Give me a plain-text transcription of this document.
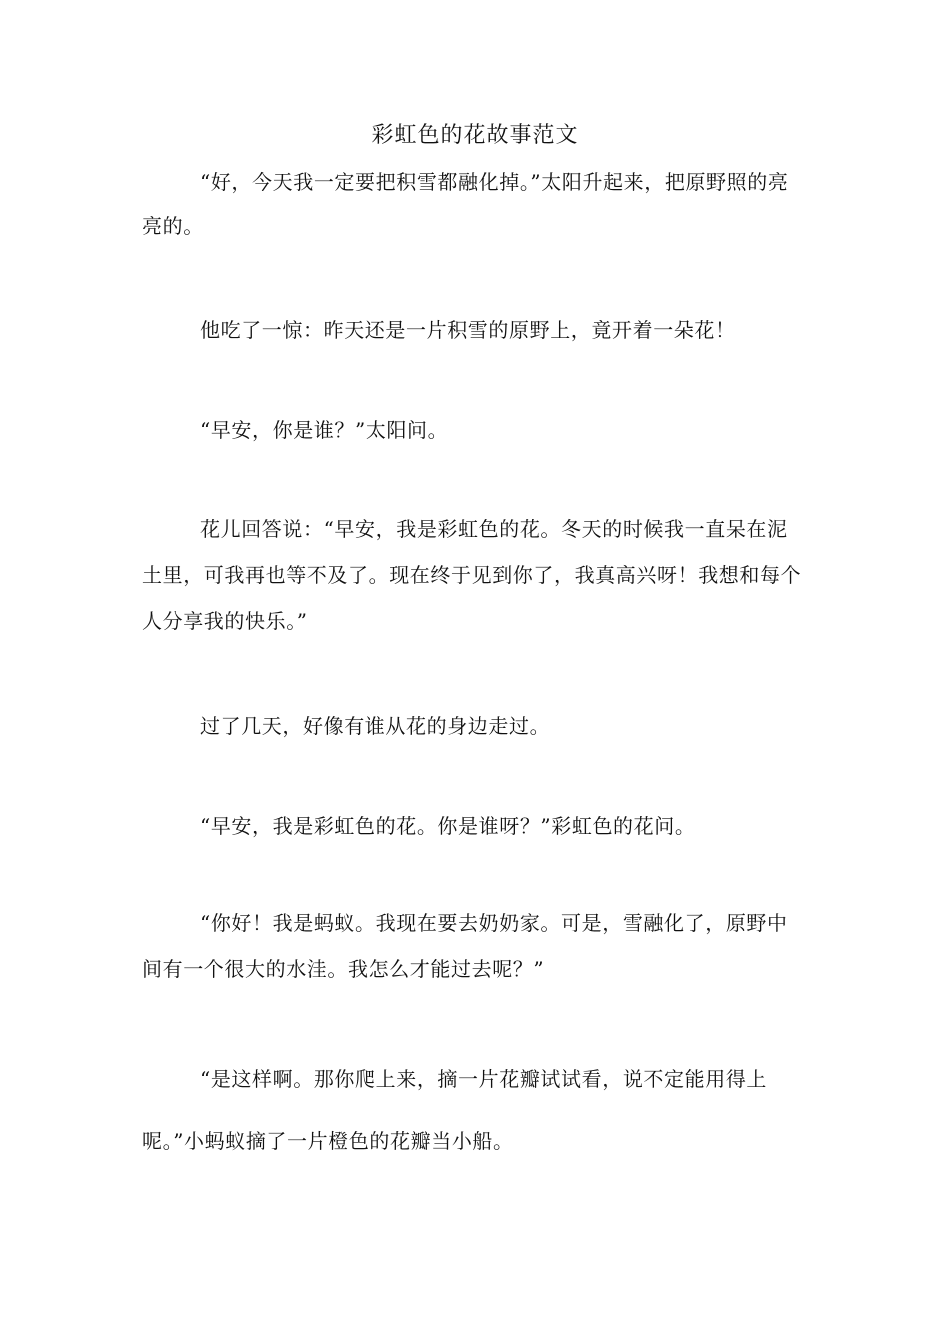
彩虹色的花故事范文

“好，今天我一定要把积雪都融化掉。”太阳升起来，把原野照的亮亮的。

他吃了一惊：昨天还是一片积雪的原野上，竟开着一朵花！

“早安，你是谁？”太阳问。

花儿回答说：“早安，我是彩虹色的花。冬天的时候我一直呆在泥土里，可我再也等不及了。现在终于见到你了，我真高兴呀！我想和每个人分享我的快乐。”

过了几天，好像有谁从花的身边走过。

“早安，我是彩虹色的花。你是谁呀？”彩虹色的花问。

“你好！我是蚂蚁。我现在要去奶奶家。可是，雪融化了，原野中间有一个很大的水洼。我怎么才能过去呢？”

“是这样啊。那你爬上来，摘一片花瓣试试看，说不定能用得上呢。”小蚂蚁摘了一片橙色的花瓣当小船。
